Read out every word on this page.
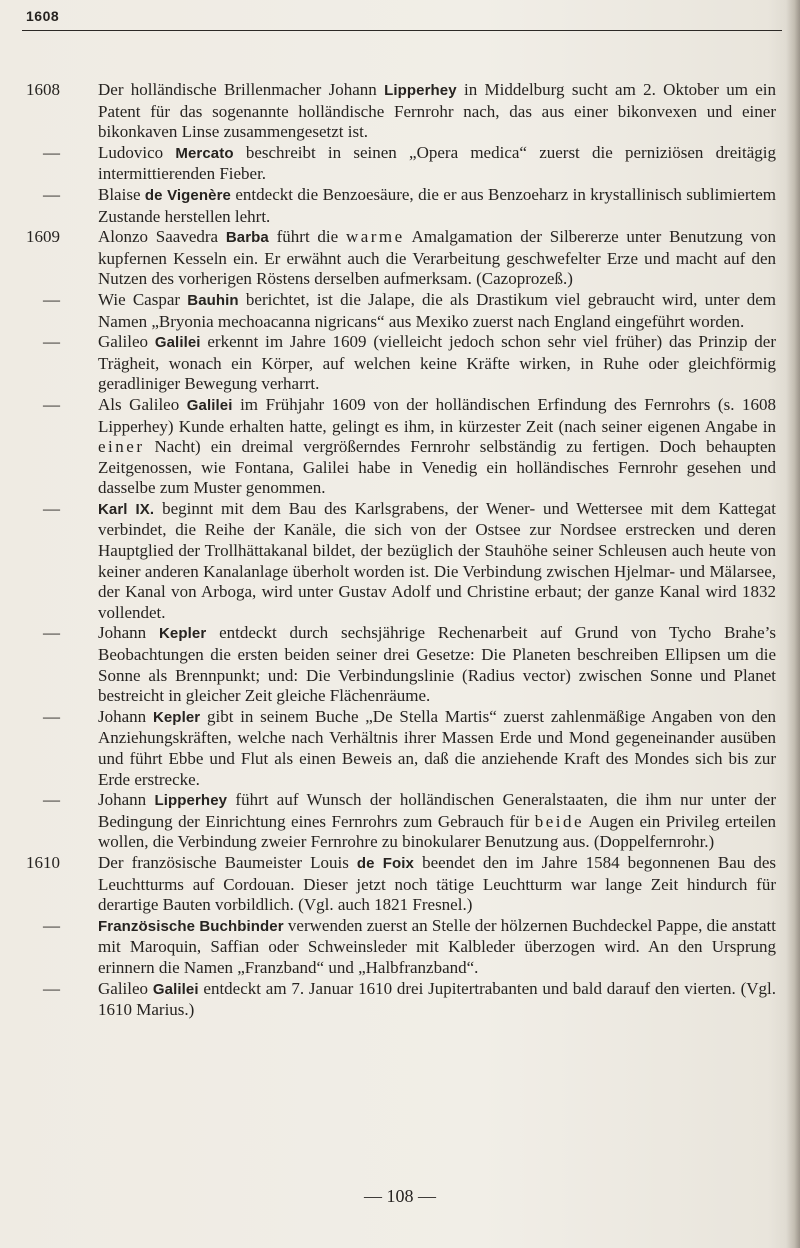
1608
1608 Der holländische Brillenmacher Johann Lipperhey in Middelburg sucht am 2. Oktober um ein Patent für das sogenannte holländische Fernrohr nach, das aus einer bikonvexen und einer bikonkaven Linse zusammengesetzt ist.
— Ludovico Mercato beschreibt in seinen „Opera medica“ zuerst die perniziösen dreitägig intermittierenden Fieber.
— Blaise de Vigenère entdeckt die Benzoesäure, die er aus Benzoeharz in krystallinisch sublimiertem Zustande herstellen lehrt.
1609 Alonzo Saavedra Barba führt die warme Amalgamation der Silbererze unter Benutzung von kupfernen Kesseln ein. Er erwähnt auch die Verarbeitung geschwefelter Erze und macht auf den Nutzen des vorherigen Röstens derselben aufmerksam. (Cazoprozeß.)
— Wie Caspar Bauhin berichtet, ist die Jalape, die als Drastikum viel gebraucht wird, unter dem Namen „Bryonia mechoacanna nigricans“ aus Mexiko zuerst nach England eingeführt worden.
— Galileo Galilei erkennt im Jahre 1609 (vielleicht jedoch schon sehr viel früher) das Prinzip der Trägheit, wonach ein Körper, auf welchen keine Kräfte wirken, in Ruhe oder gleichförmig geradliniger Bewegung verharrt.
— Als Galileo Galilei im Frühjahr 1609 von der holländischen Erfindung des Fernrohrs (s. 1608 Lipperhey) Kunde erhalten hatte, gelingt es ihm, in kürzester Zeit (nach seiner eigenen Angabe in einer Nacht) ein dreimal vergrößerndes Fernrohr selbständig zu fertigen. Doch behaupten Zeitgenossen, wie Fontana, Galilei habe in Venedig ein holländisches Fernrohr gesehen und dasselbe zum Muster genommen.
—	Karl IX. beginnt mit dem Bau des Karlsgrabens, der Wener- und Wettersee mit dem Kattegat verbindet, die Reihe der Kanäle, die sich von der Ostsee zur Nordsee erstrecken und deren Hauptglied der Trollhättakanal bildet, der bezüglich der Stauhöhe seiner Schleusen auch heute von keiner anderen Kanalanlage überholt worden ist. Die Verbindung zwischen Hjelmar- und Mälarsee, der Kanal von Arboga, wird unter Gustav Adolf und Christine erbaut; der ganze Kanal wird 1832 vollendet.
— Johann Kepler entdeckt durch sechsjährige Rechenarbeit auf Grund von Tycho Brahe’s Beobachtungen die ersten beiden seiner drei Gesetze: Die Planeten beschreiben Ellipsen um die Sonne als Brennpunkt; und: Die Verbindungslinie (Radius vector) zwischen Sonne und Planet bestreicht in gleicher Zeit gleiche Flächenräume.
— Johann Kepler gibt in seinem Buche „De Stella Martis“ zuerst zahlenmäßige Angaben von den Anziehungskräften, welche nach Verhältnis ihrer Massen Erde und Mond gegeneinander ausüben und führt Ebbe und Flut als einen Beweis an, daß die anziehende Kraft des Mondes sich bis zur Erde erstrecke.
— Johann Lipperhey führt auf Wunsch der holländischen Generalstaaten, die ihm nur unter der Bedingung der Einrichtung eines Fernrohrs zum Gebrauch für beide Augen ein Privileg erteilen wollen, die Verbindung zweier Fernrohre zu binokularer Benutzung aus. (Doppelfernrohr.)
1610 Der französische Baumeister Louis de Foix beendet den im Jahre 1584 begonnenen Bau des Leuchtturms auf Cordouan. Dieser jetzt noch tätige Leuchtturm war lange Zeit hindurch für derartige Bauten vorbildlich. (Vgl. auch 1821 Fresnel.)
—	Französische Buchbinder verwenden zuerst an Stelle der hölzernen Buchdeckel Pappe, die anstatt mit Maroquin, Saffian oder Schweinsleder mit Kalbleder überzogen wird. An den Ursprung erinnern die Namen „Franzband“ und „Halbfranzband“.
— Galileo Galilei entdeckt am 7. Januar 1610 drei Jupitertrabanten und bald darauf den vierten. (Vgl. 1610 Marius.)
— 108 —
